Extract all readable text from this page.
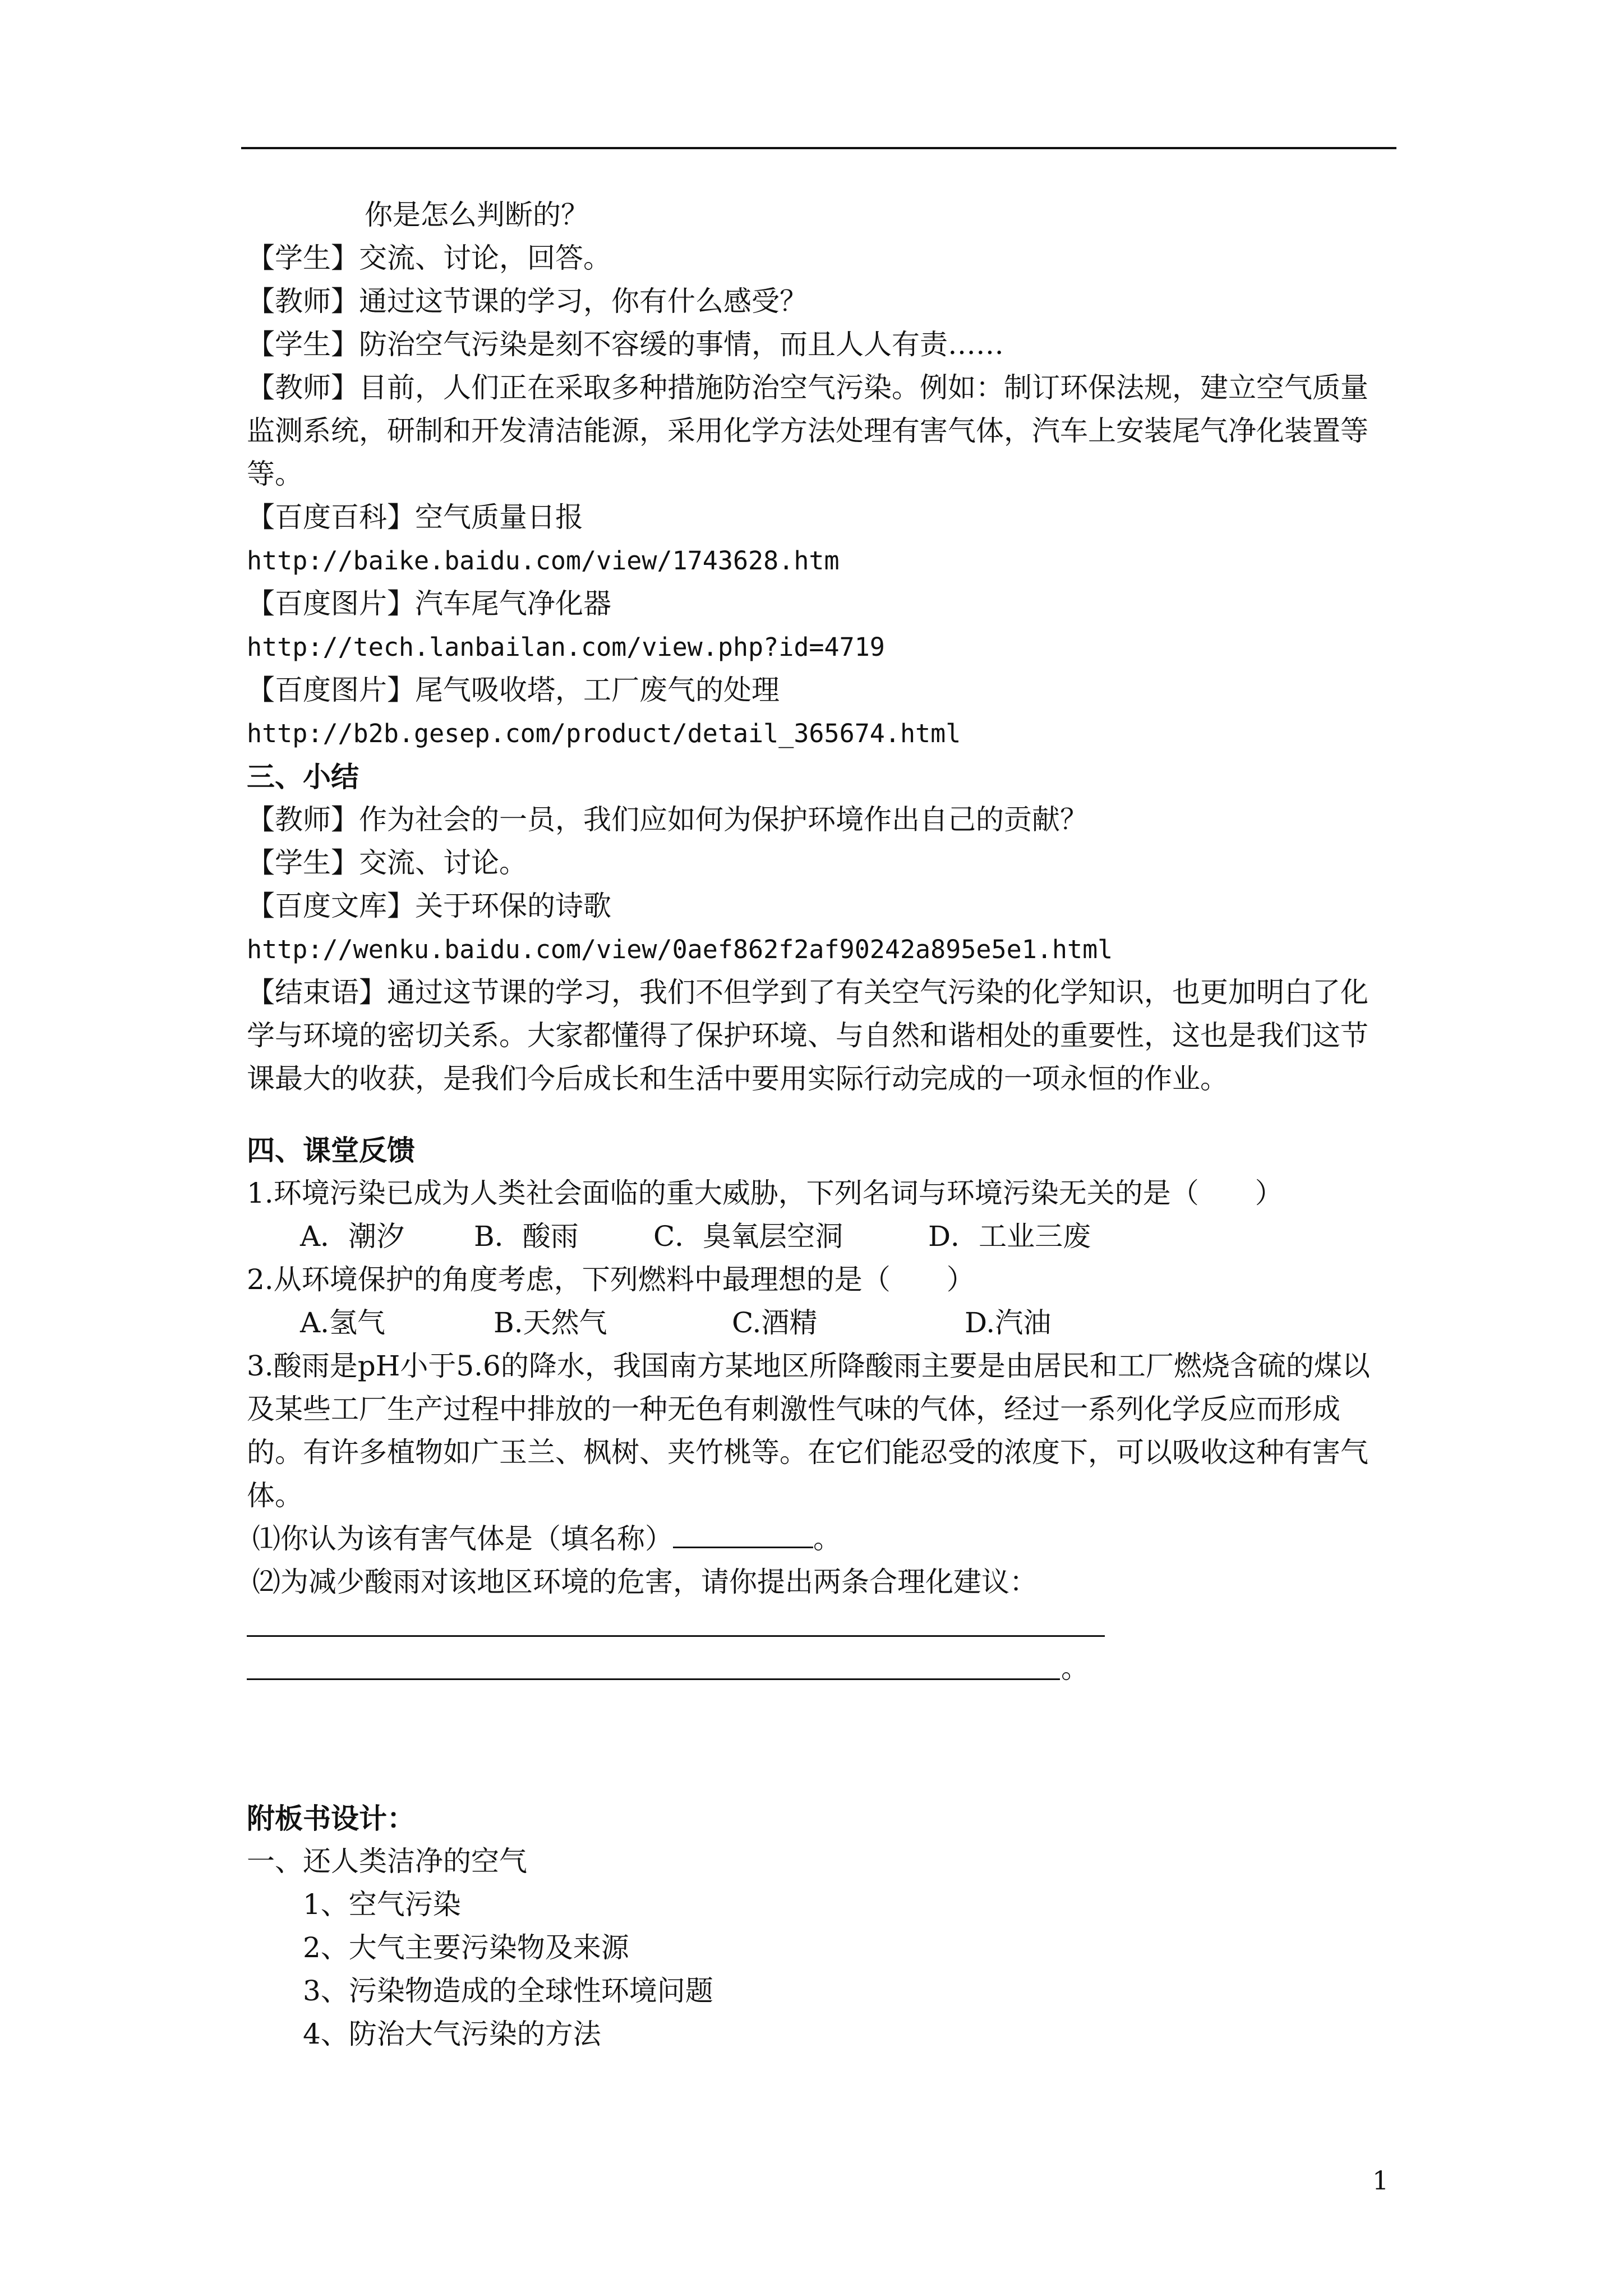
你是怎么判断的？
【学生】交流、讨论，回答。
【教师】通过这节课的学习，你有什么感受？
【学生】防治空气污染是刻不容缓的事情，而且人人有责……
【教师】目前，人们正在采取多种措施防治空气污染。例如：制订环保法规，建立空气质量监测系统，研制和开发清洁能源，采用化学方法处理有害气体，汽车上安装尾气净化装置等等。
【百度百科】空气质量日报
http://baike.baidu.com/view/1743628.htm
【百度图片】汽车尾气净化器
http://tech.lanbailan.com/view.php?id=4719
【百度图片】尾气吸收塔，工厂废气的处理
http://b2b.gesep.com/product/detail_365674.html
三、小结
【教师】作为社会的一员，我们应如何为保护环境作出自己的贡献？
【学生】交流、讨论。
【百度文库】关于环保的诗歌
http://wenku.baidu.com/view/0aef862f2af90242a895e5e1.html
【结束语】通过这节课的学习，我们不但学到了有关空气污染的化学知识，也更加明白了化学与环境的密切关系。大家都懂得了保护环境、与自然和谐相处的重要性，这也是我们这节课最大的收获，是我们今后成长和生活中要用实际行动完成的一项永恒的作业。
四、课堂反馈
1.环境污染已成为人类社会面临的重大威胁，下列名词与环境污染无关的是（　　）
A．潮汐	B．酸雨	C．臭氧层空洞	D．工业三废
2.从环境保护的角度考虑，下列燃料中最理想的是（　　）
A.氢气	B.天然气	C.酒精	D.汽油
3.酸雨是pH小于5.6的降水，我国南方某地区所降酸雨主要是由居民和工厂燃烧含硫的煤以及某些工厂生产过程中排放的一种无色有刺激性气味的气体，经过一系列化学反应而形成的。有许多植物如广玉兰、枫树、夹竹桃等。在它们能忍受的浓度下，可以吸收这种有害气体。
⑴你认为该有害气体是（填名称）	。
⑵为减少酸雨对该地区环境的危害，请你提出两条合理化建议：
。
附板书设计：
一、还人类洁净的空气
1、空气污染
2、大气主要污染物及来源
3、污染物造成的全球性环境问题
4、防治大气污染的方法
1
